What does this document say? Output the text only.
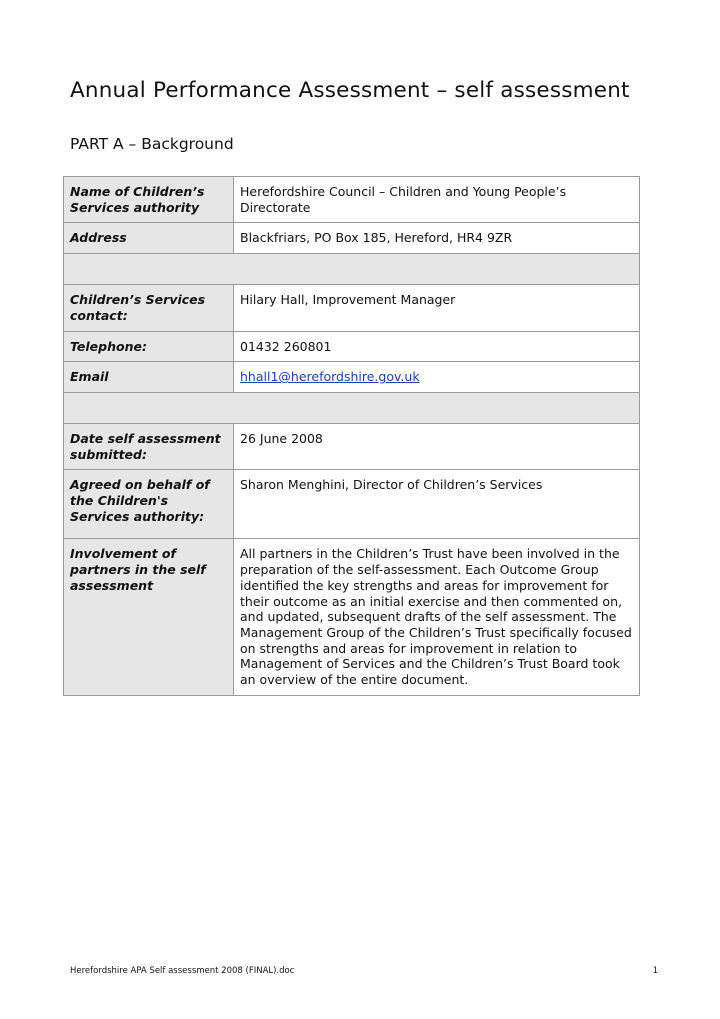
Annual Performance Assessment – self assessment
PART A – Background
Name of Children’s Services authority	Herefordshire Council – Children and Young People’s Directorate
Address	Blackfriars, PO Box 185, Hereford, HR4 9ZR

Children’s Services contact:	Hilary Hall, Improvement Manager
Telephone:	01432 260801
Email	hhall1@herefordshire.gov.uk

Date self assessment submitted:	26 June 2008
Agreed on behalf of the Children's Services authority:	Sharon Menghini, Director of Children’s Services
Involvement of partners in the self assessment	All partners in the Children’s Trust have been involved in the preparation of the self-assessment. Each Outcome Group identified the key strengths and areas for improvement for their outcome as an initial exercise and then commented on, and updated, subsequent drafts of the self assessment. The Management Group of the Children’s Trust specifically focused on strengths and areas for improvement in relation to Management of Services and the Children’s Trust Board took an overview of the entire document.
Herefordshire APA Self assessment 2008 (FINAL).doc	1
